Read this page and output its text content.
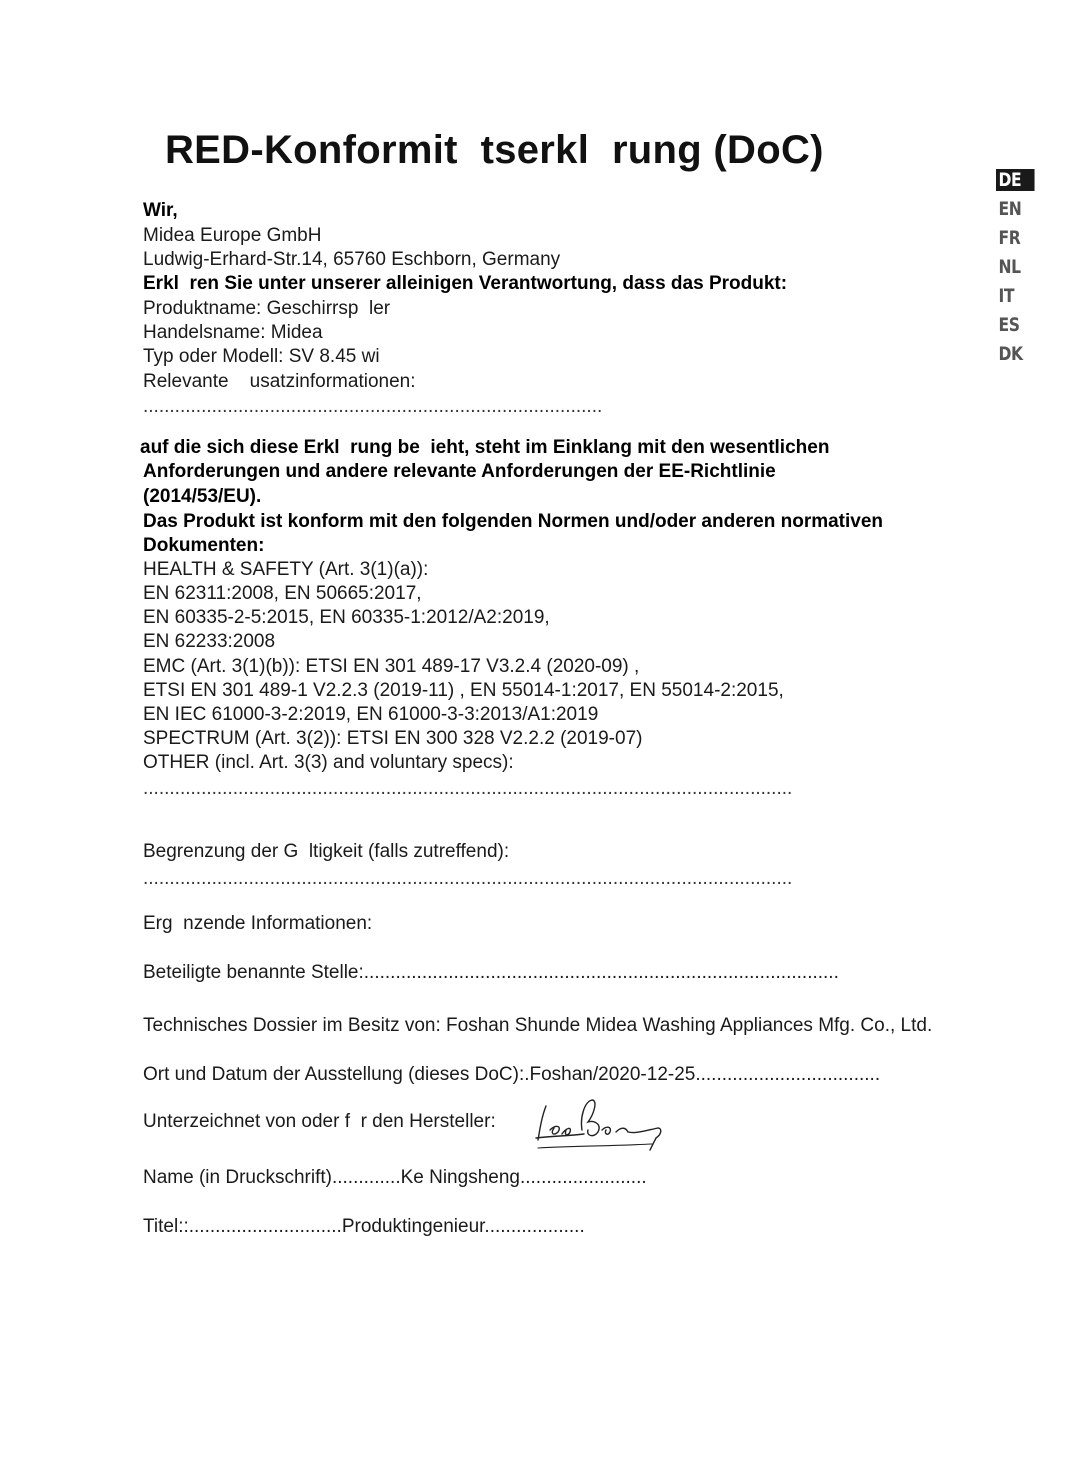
RED-Konformit  tserkl  rung (DoC)
DE
EN
FR
NL
IT
ES
DK
Wir,
Midea Europe GmbH
Ludwig-Erhard-Str.14, 65760 Eschborn, Germany
Erkl  ren Sie unter unserer alleinigen Verantwortung, dass das Produkt:
Produktname: Geschirrsp  ler
Handelsname: Midea
Typ oder Modell: SV 8.45 wi
Relevante    usatzinformationen:
.......................................................................................
auf die sich diese Erkl  rung be  ieht, steht im Einklang mit den wesentlichen
Anforderungen und andere relevante Anforderungen der EE-Richtlinie
(2014/53/EU).
Das Produkt ist konform mit den folgenden Normen und/oder anderen normativen
Dokumenten:
HEALTH & SAFETY (Art. 3(1)(a)):
EN 62311:2008, EN 50665:2017,
EN 60335-2-5:2015, EN 60335-1:2012/A2:2019,
EN 62233:2008
EMC (Art. 3(1)(b)): ETSI EN 301 489-17 V3.2.4 (2020-09) ,
ETSI EN 301 489-1 V2.2.3 (2019-11) , EN 55014-1:2017, EN 55014-2:2015,
EN IEC 61000-3-2:2019, EN 61000-3-3:2013/A1:2019
SPECTRUM (Art. 3(2)): ETSI EN 300 328 V2.2.2 (2019-07)
OTHER (incl. Art. 3(3) and voluntary specs):
...........................................................................................................................
Begrenzung der G  ltigkeit (falls zutreffend):
...........................................................................................................................
Erg  nzende Informationen:
Beteiligte benannte Stelle:..........................................................................................
Technisches Dossier im Besitz von: Foshan Shunde Midea Washing Appliances Mfg. Co., Ltd.
Ort und Datum der Ausstellung (dieses DoC):.Foshan/2020-12-25...................................
Unterzeichnet von oder f  r den Hersteller:
Name (in Druckschrift).............Ke Ningsheng........................
Titel::.............................Produktingenieur...................
